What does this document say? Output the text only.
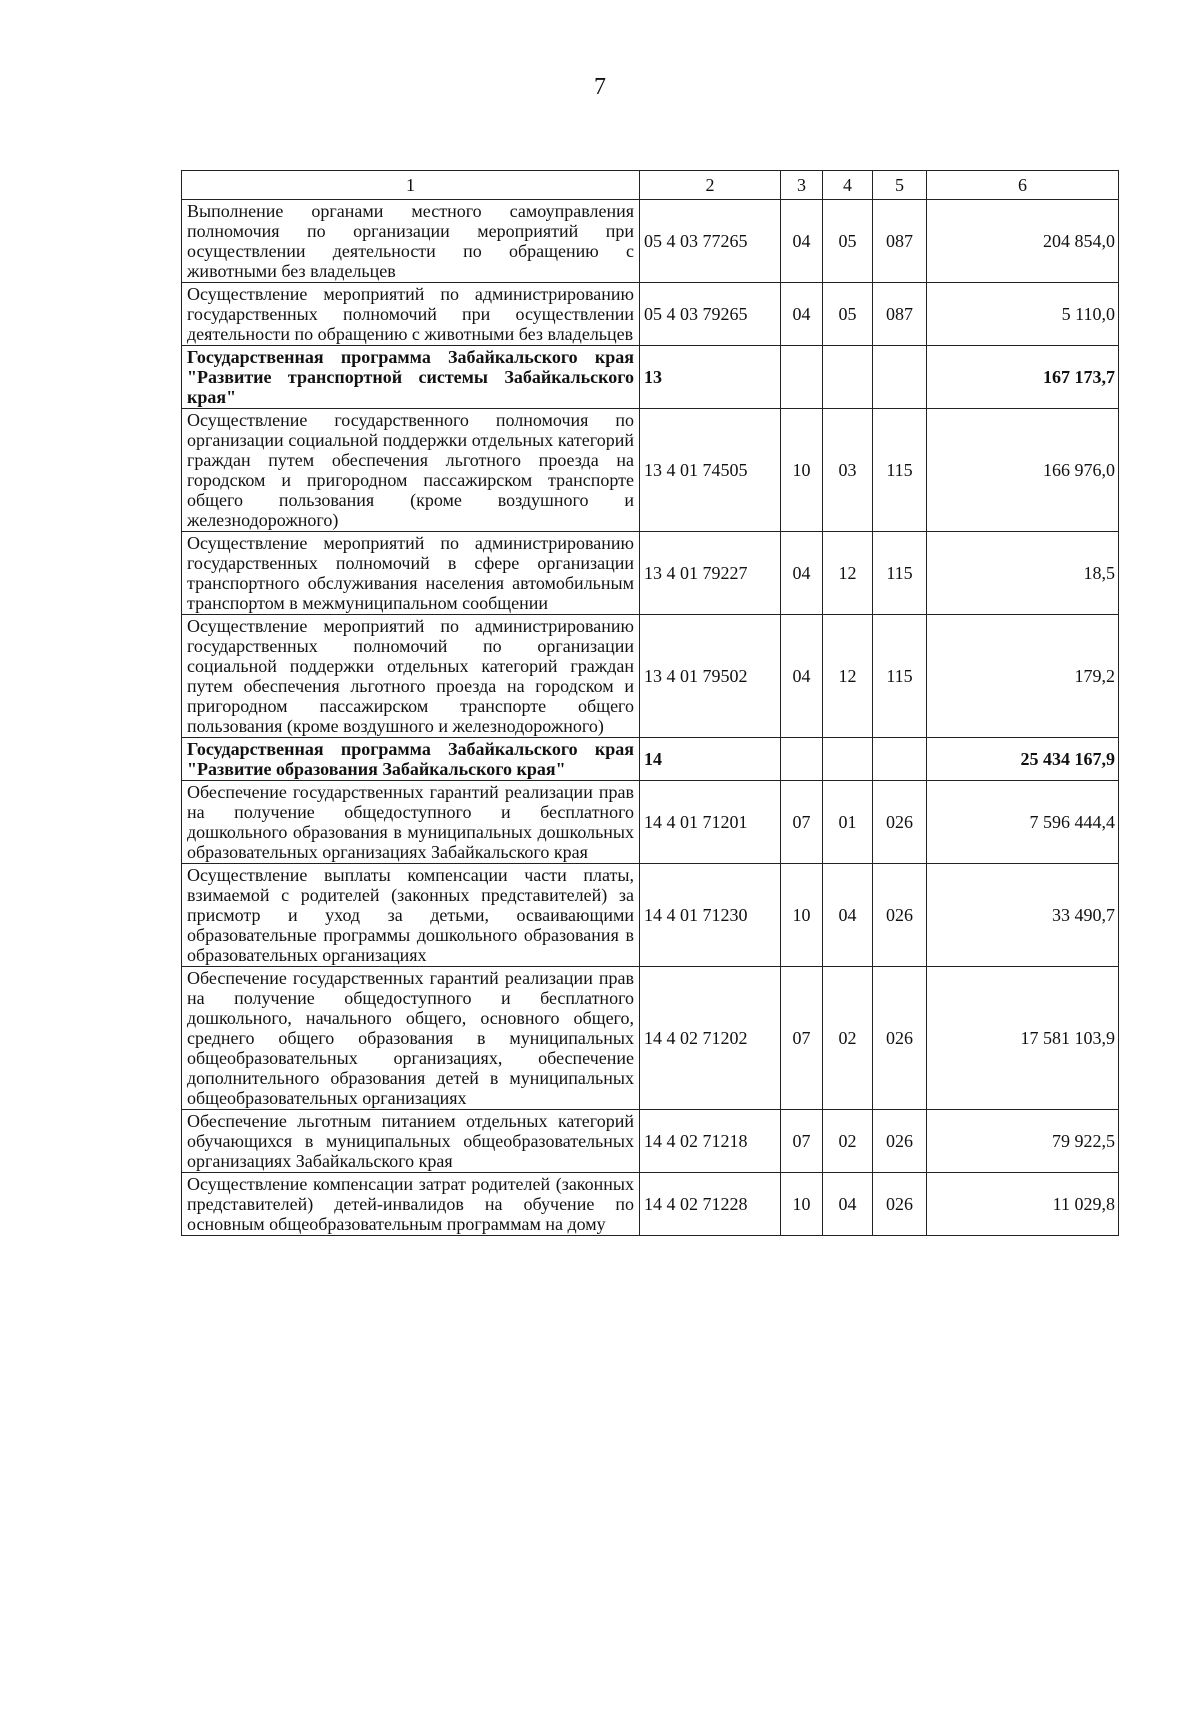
7
1	2	3	4	5	6
Выполнение органами местного самоуправления полномочия по организации мероприятий при осуществлении деятельности по обращению с животными без владельцев	05 4 03 77265	04	05	087	204 854,0
Осуществление мероприятий по администрированию государственных полномочий при осуществлении деятельности по обращению с животными без владельцев	05 4 03 79265	04	05	087	5 110,0
Государственная программа Забайкальского края "Развитие транспортной системы Забайкальского края"	13				167 173,7
Осуществление государственного полномочия по организации социальной поддержки отдельных категорий граждан путем обеспечения льготного проезда на городском и пригородном пассажирском транспорте общего пользования (кроме воздушного и железнодорожного)	13 4 01 74505	10	03	115	166 976,0
Осуществление мероприятий по администрированию государственных полномочий в сфере организации транспортного обслуживания населения автомобильным транспортом в межмуниципальном сообщении	13 4 01 79227	04	12	115	18,5
Осуществление мероприятий по администрированию государственных полномочий по организации социальной поддержки отдельных категорий граждан путем обеспечения льготного проезда на городском и пригородном пассажирском транспорте общего пользования (кроме воздушного и железнодорожного)	13 4 01 79502	04	12	115	179,2
Государственная программа Забайкальского края "Развитие образования Забайкальского края"	14				25 434 167,9
Обеспечение государственных гарантий реализации прав на получение общедоступного и бесплатного дошкольного образования в муниципальных дошкольных образовательных организациях Забайкальского края	14 4 01 71201	07	01	026	7 596 444,4
Осуществление выплаты компенсации части платы, взимаемой с родителей (законных представителей) за присмотр и уход за детьми, осваивающими образовательные программы дошкольного образования в образовательных организациях	14 4 01 71230	10	04	026	33 490,7
Обеспечение государственных гарантий реализации прав на получение общедоступного и бесплатного дошкольного, начального общего, основного общего, среднего общего образования в муниципальных общеобразовательных организациях, обеспечение дополнительного образования детей в муниципальных общеобразовательных организациях	14 4 02 71202	07	02	026	17 581 103,9
Обеспечение льготным питанием отдельных категорий обучающихся в муниципальных общеобразовательных организациях Забайкальского края	14 4 02 71218	07	02	026	79 922,5
Осуществление компенсации затрат родителей (законных представителей) детей-инвалидов на обучение по основным общеобразовательным программам на дому	14 4 02 71228	10	04	026	11 029,8
